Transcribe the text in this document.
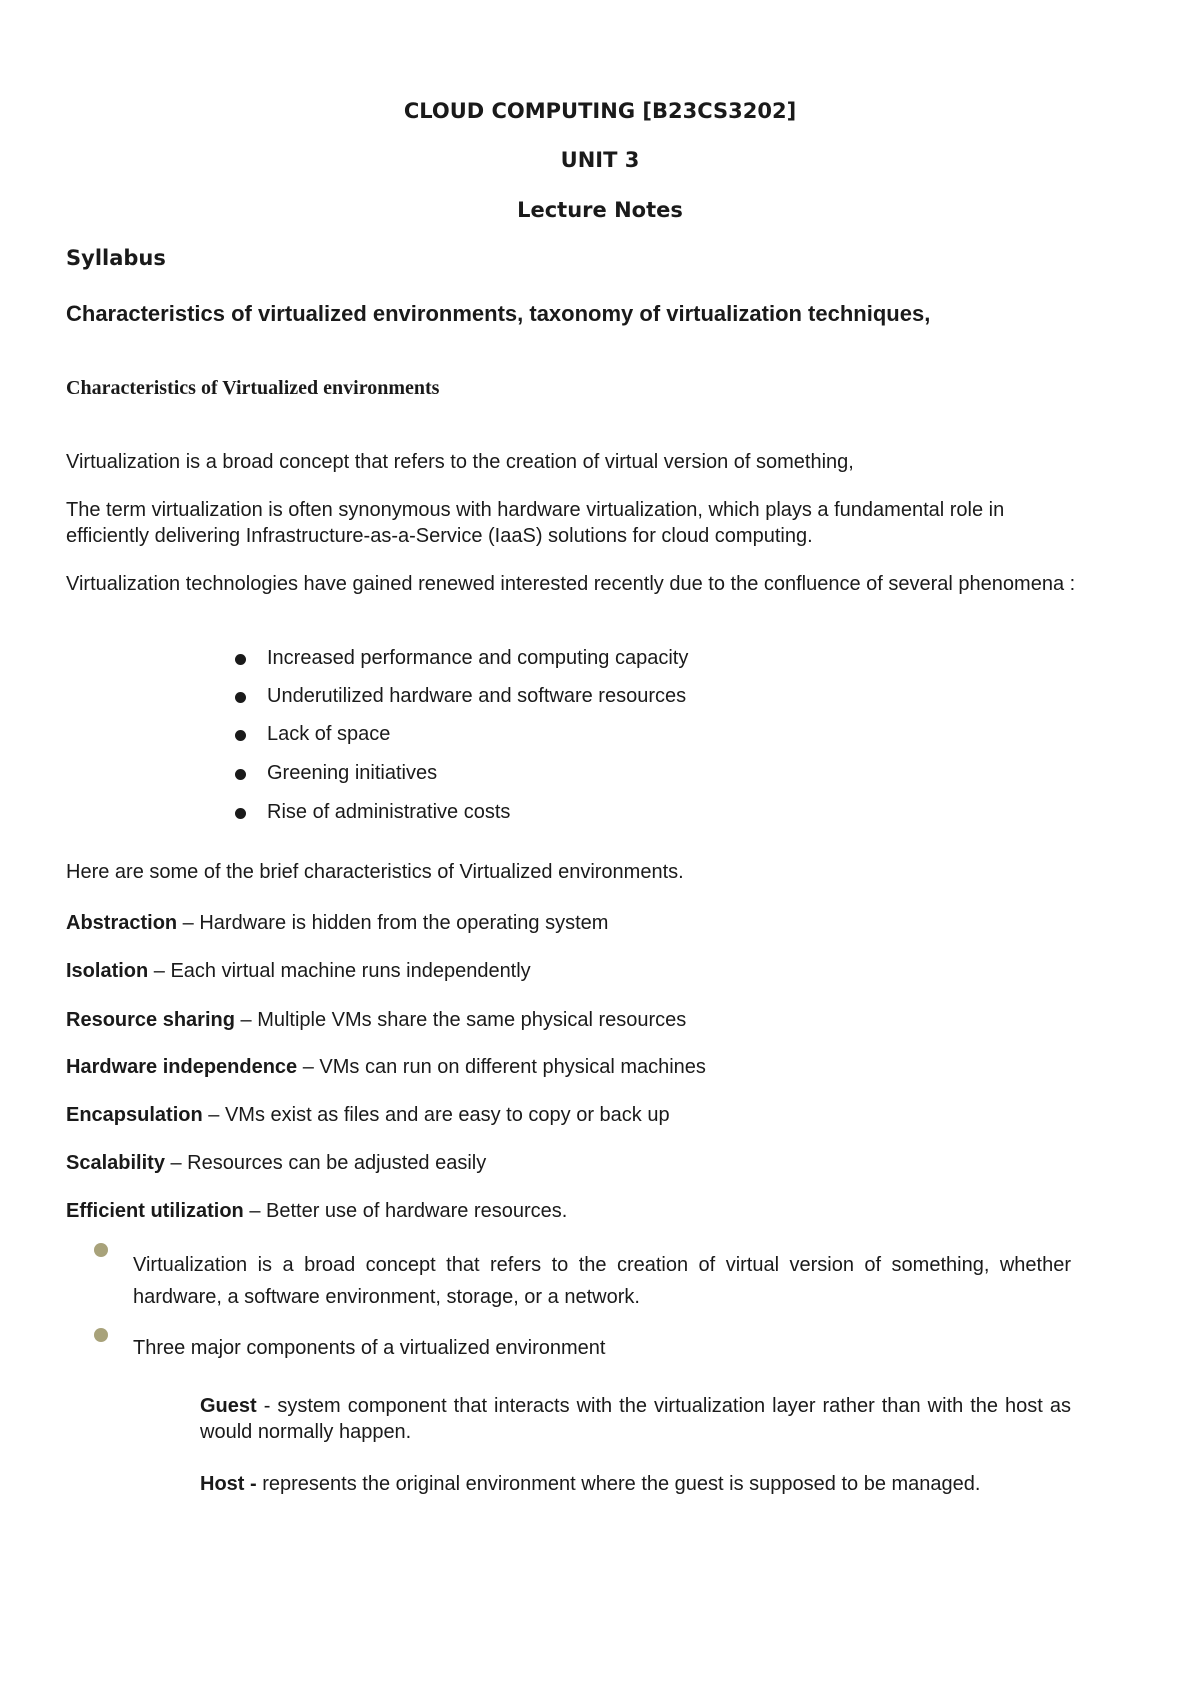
CLOUD COMPUTING [B23CS3202]

UNIT 3

Lecture Notes

Syllabus

Characteristics of virtualized environments, taxonomy of virtualization techniques,

Characteristics of Virtualized environments

Virtualization is a broad concept that refers to the creation of virtual version of something,

The term virtualization is often synonymous with hardware virtualization, which plays a fundamental role in efficiently delivering Infrastructure-as-a-Service (IaaS) solutions for cloud computing.

Virtualization technologies have gained renewed interested recently due to the confluence of several phenomena :

Increased performance and computing capacity

Underutilized hardware and software resources

Lack of space

Greening initiatives

Rise of administrative costs

Here are some of the brief characteristics of Virtualized environments.

Abstraction – Hardware is hidden from the operating system

Isolation – Each virtual machine runs independently

Resource sharing – Multiple VMs share the same physical resources

Hardware independence – VMs can run on different physical machines

Encapsulation – VMs exist as files and are easy to copy or back up

Scalability – Resources can be adjusted easily

Efficient utilization – Better use of hardware resources.

Virtualization is a broad concept that refers to the creation of virtual version of something, whether hardware, a software environment, storage, or a network.

Three major components of a virtualized environment

Guest - system component that interacts with the virtualization layer rather than with the host as would normally happen.

Host - represents the original environment where the guest is supposed to be managed.
